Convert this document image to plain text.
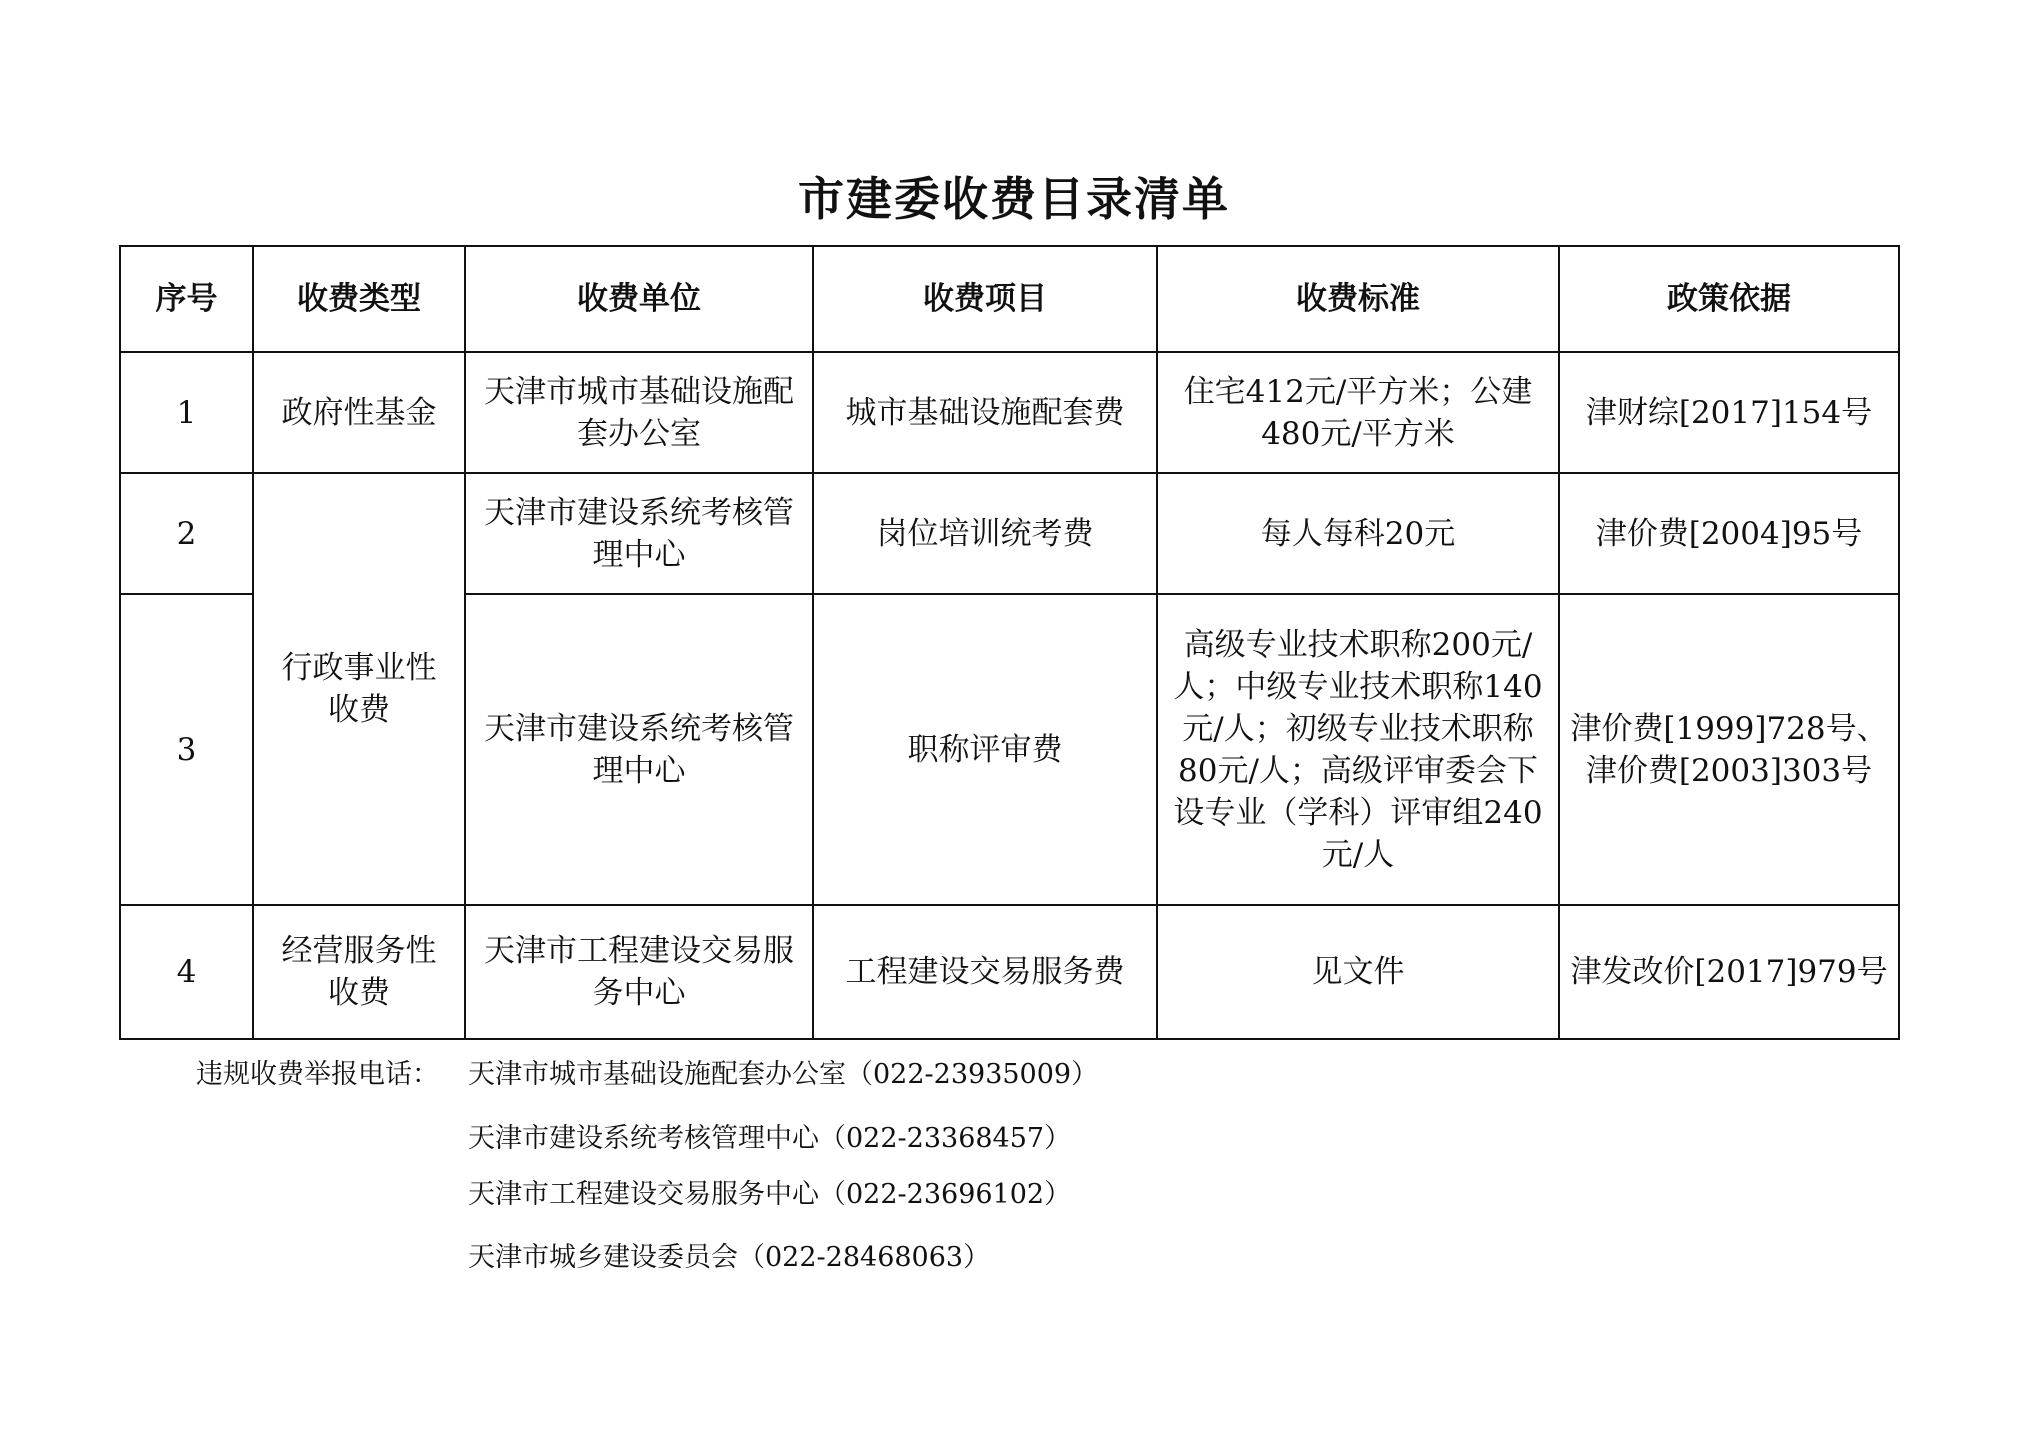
市建委收费目录清单
序号	收费类型	收费单位	收费项目	收费标准	政策依据
1	政府性基金	天津市城市基础设施配套办公室	城市基础设施配套费	住宅412元/平方米；公建480元/平方米	津财综[2017]154号
2	行政事业性收费	天津市建设系统考核管理中心	岗位培训统考费	每人每科20元	津价费[2004]95号
3		天津市建设系统考核管理中心	职称评审费	高级专业技术职称200元/人；中级专业技术职称140元/人；初级专业技术职称80元/人；高级评审委会下设专业（学科）评审组240元/人	津价费[1999]728号、津价费[2003]303号
4	经营服务性收费	天津市工程建设交易服务中心	工程建设交易服务费	见文件	津发改价[2017]979号
违规收费举报电话： 天津市城市基础设施配套办公室（022-23935009）
天津市建设系统考核管理中心（022-23368457）
天津市工程建设交易服务中心（022-23696102）
天津市城乡建设委员会（022-28468063）
